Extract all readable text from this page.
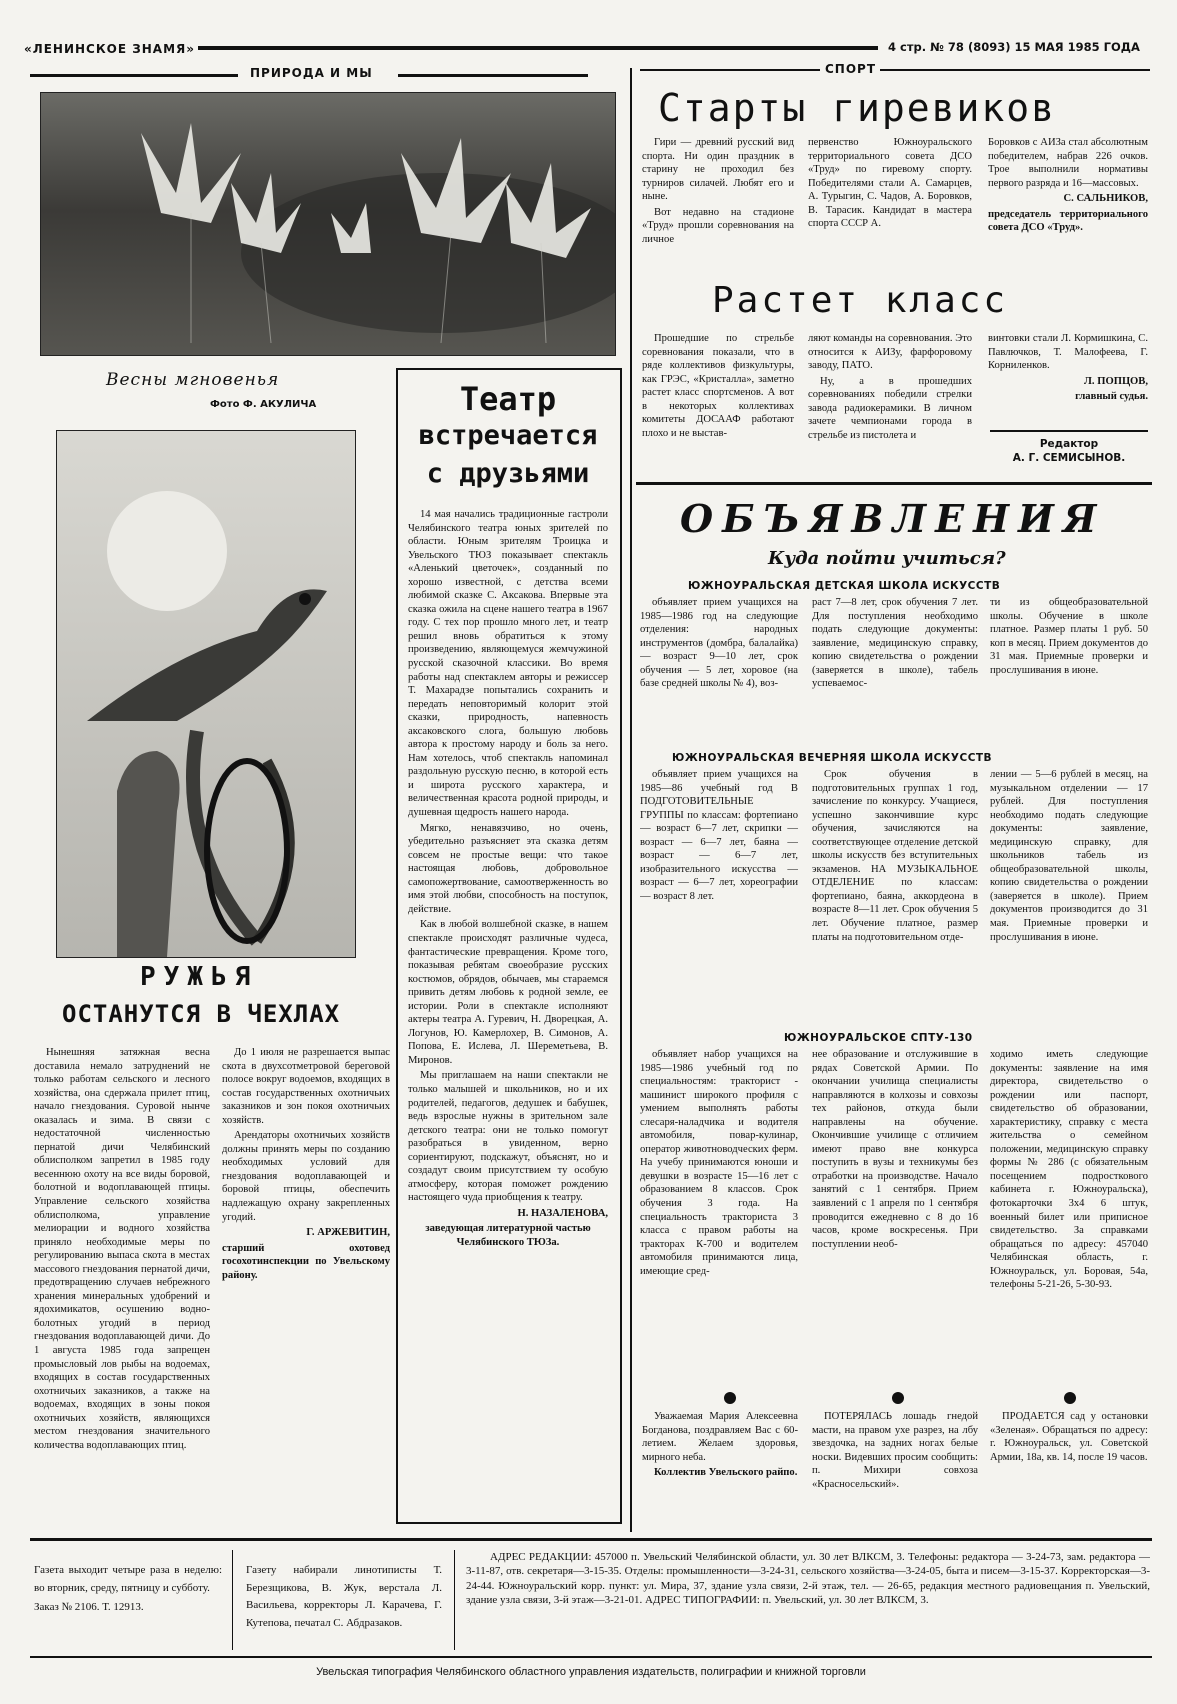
«ЛЕНИНСКОЕ ЗНАМЯ»	4 стр. № 78 (8093) 15 МАЯ 1985 ГОДА
ПРИРОДА И МЫ	СПОРТ
Весны мгновенья
Фото Ф. АКУЛИЧА
РУЖЬЯ
ОСТАНУТСЯ В ЧЕХЛАХ

Нынешняя затяжная весна доставила немало затруднений не только работам сельского и лесного хозяйства, она сдержала прилет птиц, начало гнездования. Суровой нынче оказалась и зима. В связи с недостаточной численностью пернатой дичи Челябинский облисполком запретил в 1985 году весеннюю охоту на все виды боровой, болотной и водоплавающей птицы. Управление сельского хозяйства облисполкома, управление мелиорации и водного хозяйства приняло необходимые меры по регулированию выпаса скота в местах массового гнездования пернатой дичи, предотвращению случаев небрежного хранения минеральных удобрений и ядохимикатов, осушению водно-болотных угодий в период гнездования водоплавающей дичи. До 1 августа 1985 года запрещен промысловый лов рыбы на водоемах, входящих в состав государственных охотничьих заказников, а также на водоемах, входящих в зоны покоя охотничьих хозяйств, являющихся местом гнездования значительного количества водоплавающих птиц.

До 1 июля не разрешается выпас скота в двухсотметровой береговой полосе вокруг водоемов, входящих в состав государственных охотничьих заказников и зон покоя охотничьих хозяйств.

Арендаторы охотничьих хозяйств должны принять меры по созданию необходимых условий для гнездования водоплавающей и боровой птицы, обеспечить надлежащую охрану закрепленных угодий.

Г. АРЖЕВИТИН,

старший охотовед госохотинспекции по Увельскому району.

Театр
встречается
с друзьями

14 мая начались традиционные гастроли Челябинского театра юных зрителей по области. Юным зрителям Троицка и Увельского ТЮЗ показывает спектакль «Аленький цветочек», созданный по хорошо известной, с детства всеми любимой сказке С. Аксакова. Впервые эта сказка ожила на сцене нашего театра в 1967 году. С тех пор прошло много лет, и театр решил вновь обратиться к этому произведению, являющемуся жемчужиной русской сказочной классики. Во время работы над спектаклем авторы и режиссер Т. Махарадзе попытались сохранить и передать неповторимый колорит этой сказки, природность, напевность аксаковского слога, большую любовь автора к простому народу и боль за него. Нам хотелось, чтоб спектакль напоминал раздольную русскую песню, в которой есть и широта русского характера, и величественная красота родной природы, и душевная щедрость нашего народа.

Мягко, ненавязчиво, но очень, убедительно разъясняет эта сказка детям совсем не простые вещи: что такое настоящая любовь, добровольное самопожертвование, самоотверженность во имя этой любви, способность на поступок, действие.

Как в любой волшебной сказке, в нашем спектакле происходят различные чудеса, фантастические превращения. Кроме того, показывая ребятам своеобразие русских костюмов, обрядов, обычаев, мы стараемся привить детям любовь к родной земле, ее истории. Роли в спектакле исполняют актеры театра А. Гуревич, Н. Дворецкая, А. Логунов, Ю. Камерлохер, В. Симонов, А. Попова, Е. Ислева, Л. Шереметьева, В. Миронов.

Мы приглашаем на наши спектакли не только малышей и школьников, но и их родителей, педагогов, дедушек и бабушек, ведь взрослые нужны в зрительном зале детского театра: они не только помогут разобраться в увиденном, верно сориентируют, подскажут, объяснят, но и создадут своим присутствием ту особую атмосферу, которая поможет рождению настоящего чуда приобщения к театру.

Н. НАЗАЛЕНОВА,

заведующая литературной частью Челябинского ТЮЗа.

Старты гиревиков

Гири — древний русский вид спорта. Ни один праздник в старину не проходил без турниров силачей. Любят его и ныне.

Вот недавно на стадионе «Труд» прошли соревнования на личное

первенство Южноуральского территориального совета ДСО «Труд» по гиревому спорту. Победителями стали А. Самарцев, А. Турыгин, С. Чадов, А. Боровков, В. Тарасик. Кандидат в мастера спорта СССР А.

Боровков с АИЗа стал абсолютным победителем, набрав 226 очков. Трое выполнили нормативы первого разряда и 16—массовых.

С. САЛЬНИКОВ,

председатель территориального совета ДСО «Труд».

Растет класс

Прошедшие по стрельбе соревнования показали, что в ряде коллективов физкультуры, как ГРЭС, «Кристалла», заметно растет класс спортсменов. А вот в некоторых коллективах комитеты ДОСААФ работают плохо и не выстав-

ляют команды на соревнования. Это относится к АИЗу, фарфоровому заводу, ПАТО.

Ну, а в прошедших соревнованиях победили стрелки завода радиокерамики. В личном зачете чемпионами города в стрельбе из пистолета и

винтовки стали Л. Кормишкина, С. Павлючков, Т. Малофеева, Г. Корниленков.

Л. ПОПЦОВ,

главный судья.

Редактор
А. Г. СЕМИСЫНОВ.
ОБЪЯВЛЕНИЯ
Куда пойти учиться?
ЮЖНОУРАЛЬСКАЯ ДЕТСКАЯ ШКОЛА ИСКУССТВ

объявляет прием учащихся на 1985—1986 год на следующие отделения: народных инструментов (домбра, балалайка) — возраст 9—10 лет, срок обучения — 5 лет, хоровое (на базе средней школы № 4), воз-

раст 7—8 лет, срок обучения 7 лет. Для поступления необходимо подать следующие документы: заявление, медицинскую справку, копию свидетельства о рождении (заверяется в школе), табель успеваемос-

ти из общеобразовательной школы. Обучение в школе платное. Размер платы 1 руб. 50 коп в месяц. Прием документов до 31 мая. Приемные проверки и прослушивания в июне.

ЮЖНОУРАЛЬСКАЯ ВЕЧЕРНЯЯ ШКОЛА ИСКУССТВ

объявляет прием учащихся на 1985—86 учебный год В ПОДГОТОВИТЕЛЬНЫЕ ГРУППЫ по классам: фортепиано — возраст 6—7 лет, скрипки — возраст — 6—7 лет, баяна — возраст — 6—7 лет, изобразительного искусства — возраст — 6—7 лет, хореографии — возраст 8 лет.

Срок обучения в подготовительных группах 1 год, зачисление по конкурсу. Учащиеся, успешно закончившие курс обучения, зачисляются на соответствующее отделение детской школы искусств без вступительных экзаменов. НА МУЗЫКАЛЬНОЕ ОТДЕЛЕНИЕ по классам: фортепиано, баяна, аккордеона в возрасте 8—11 лет. Срок обучения 5 лет. Обучение платное, размер платы на подготовительном отде-

лении — 5—6 рублей в месяц, на музыкальном отделении — 17 рублей. Для поступления необходимо подать следующие документы: заявление, медицинскую справку, для школьников табель из общеобразовательной школы, копию свидетельства о рождении (заверяется в школе). Прием документов производится до 31 мая. Приемные проверки и прослушивания в июне.

ЮЖНОУРАЛЬСКОЕ СПТУ-130

объявляет набор учащихся на 1985—1986 учебный год по специальностям: тракторист - машинист широкого профиля с умением выполнять работы слесаря-наладчика и водителя автомобиля, повар-кулинар, оператор животноводческих ферм. На учебу принимаются юноши и девушки в возрасте 15—16 лет с образованием 8 классов. Срок обучения 3 года. На специальность тракториста 3 класса с правом работы на тракторах К-700 и водителем автомобиля принимаются лица, имеющие сред-

нее образование и отслужившие в рядах Советской Армии. По окончании училища специалисты направляются в колхозы и совхозы тех районов, откуда были направлены на обучение. Окончившие училище с отличием имеют право вне конкурса поступить в вузы и техникумы без отработки на производстве. Начало занятий с 1 сентября. Прием заявлений с 1 апреля по 1 сентября проводится ежедневно с 8 до 16 часов, кроме воскресенья. При поступлении необ-

ходимо иметь следующие документы: заявление на имя директора, свидетельство о рождении или паспорт, свидетельство об образовании, характеристику, справку с места жительства о семейном положении, медицинскую справку формы № 286 (с обязательным посещением подросткового кабинета г. Южноуральска), фотокарточки 3х4 6 штук, военный билет или приписное свидетельство. За справками обращаться по адресу: 457040 Челябинская область, г. Южноуральск, ул. Боровая, 54а, телефоны 5-21-26, 5-30-93.

Уважаемая Мария Алексеевна Богданова, поздравляем Вас с 60-летием. Желаем здоровья, мирного неба.

Коллектив Увельского райпо.

ПОТЕРЯЛАСЬ лошадь гнедой масти, на правом ухе разрез, на лбу звездочка, на задних ногах белые носки. Видевших просим сообщить: п. Михири совхоза «Красносельский».

ПРОДАЕТСЯ сад у остановки «Зеленая». Обращаться по адресу: г. Южноуральск, ул. Советской Армии, 18а, кв. 14, после 19 часов.

Газета выходит четыре раза в неделю: во вторник, среду, пятницу и субботу.

Заказ № 2106. Т. 12913.

Газету набирали линотиписты Т. Березщикова, В. Жук, верстала Л. Васильева, корректоры Л. Карачева, Г. Кутепова, печатал С. Абдразаков.

АДРЕС РЕДАКЦИИ: 457000 п. Увельский Челябинской области, ул. 30 лет ВЛКСМ, 3. Телефоны: редактора — 3-24-73, зам. редактора — 3-11-87, отв. секретаря—3-15-35. Отделы: промышленности—3-24-31, сельского хозяйства—3-24-05, быта и писем—3-15-37. Корректорская—3-24-44. Южноуральский корр. пункт: ул. Мира, 37, здание узла связи, 2-й этаж, тел. — 26-65, редакция местного радиовещания п. Увельский, здание узла связи, 3-й этаж—3-21-01. АДРЕС ТИПОГРАФИИ: п. Увельский, ул. 30 лет ВЛКСМ, 3.

Увельская типография Челябинского областного управления издательств, полиграфии и книжной торговли
